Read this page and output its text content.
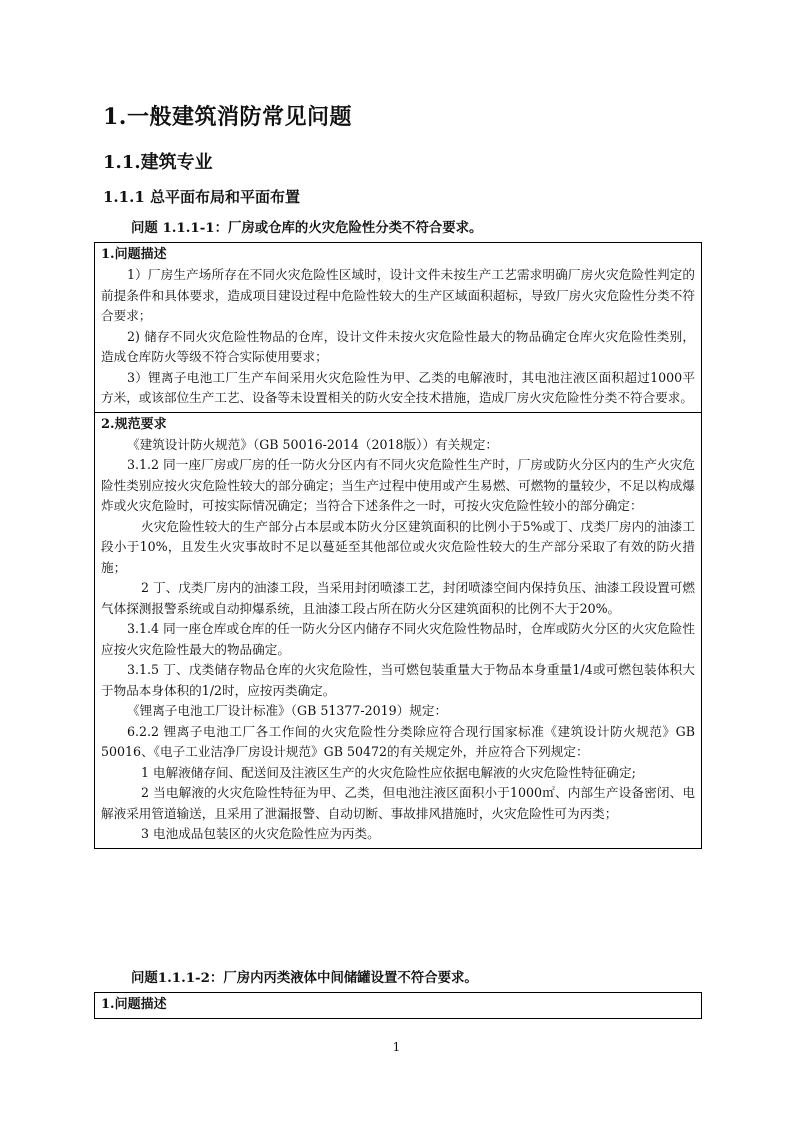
1.一般建筑消防常见问题
1.1.建筑专业
1.1.1 总平面布局和平面布置
问题 1.1.1-1：厂房或仓库的火灾危险性分类不符合要求。
1.问题描述

1）厂房生产场所存在不同火灾危险性区域时，设计文件未按生产工艺需求明确厂房火灾危险性判定的前提条件和具体要求，造成项目建设过程中危险性较大的生产区域面积超标，导致厂房火灾危险性分类不符合要求；

2) 储存不同火灾危险性物品的仓库，设计文件未按火灾危险性最大的物品确定仓库火灾危险性类别，造成仓库防火等级不符合实际使用要求；

3）锂离子电池工厂生产车间采用火灾危险性为甲、乙类的电解液时，其电池注液区面积超过1000平方米，或该部位生产工艺、设备等未设置相关的防火安全技术措施，造成厂房火灾危险性分类不符合要求。

2.规范要求

《建筑设计防火规范》（GB 50016-2014（2018版））有关规定：

3.1.2 同一座厂房或厂房的任一防火分区内有不同火灾危险性生产时，厂房或防火分区内的生产火灾危险性类别应按火灾危险性较大的部分确定；当生产过程中使用或产生易燃、可燃物的量较少，不足以构成爆炸或火灾危险时，可按实际情况确定；当符合下述条件之一时，可按火灾危险性较小的部分确定：

火灾危险性较大的生产部分占本层或本防火分区建筑面积的比例小于5%或丁、戊类厂房内的油漆工段小于10%，且发生火灾事故时不足以蔓延至其他部位或火灾危险性较大的生产部分采取了有效的防火措施；

2 丁、戊类厂房内的油漆工段，当采用封闭喷漆工艺，封闭喷漆空间内保持负压、油漆工段设置可燃气体探测报警系统或自动抑爆系统，且油漆工段占所在防火分区建筑面积的比例不大于20%。

3.1.4 同一座仓库或仓库的任一防火分区内储存不同火灾危险性物品时，仓库或防火分区的火灾危险性应按火灾危险性最大的物品确定。

3.1.5 丁、戊类储存物品仓库的火灾危险性，当可燃包装重量大于物品本身重量1/4或可燃包装体积大于物品本身体积的1/2时，应按丙类确定。

《锂离子电池工厂设计标准》（GB 51377-2019）规定：

6.2.2 锂离子电池工厂各工作间的火灾危险性分类除应符合现行国家标准《建筑设计防火规范》GB 50016、《电子工业洁净厂房设计规范》GB 50472的有关规定外，并应符合下列规定：

1 电解液储存间、配送间及注液区生产的火灾危险性应依据电解液的火灾危险性特征确定;

2 当电解液的火灾危险性特征为甲、乙类，但电池注液区面积小于1000㎡、内部生产设备密闭、电解液采用管道输送，且采用了泄漏报警、自动切断、事故排风措施时，火灾危险性可为丙类；

3 电池成品包装区的火灾危险性应为丙类。

问题1.1.1-2：厂房内丙类液体中间储罐设置不符合要求。
1.问题描述
1
